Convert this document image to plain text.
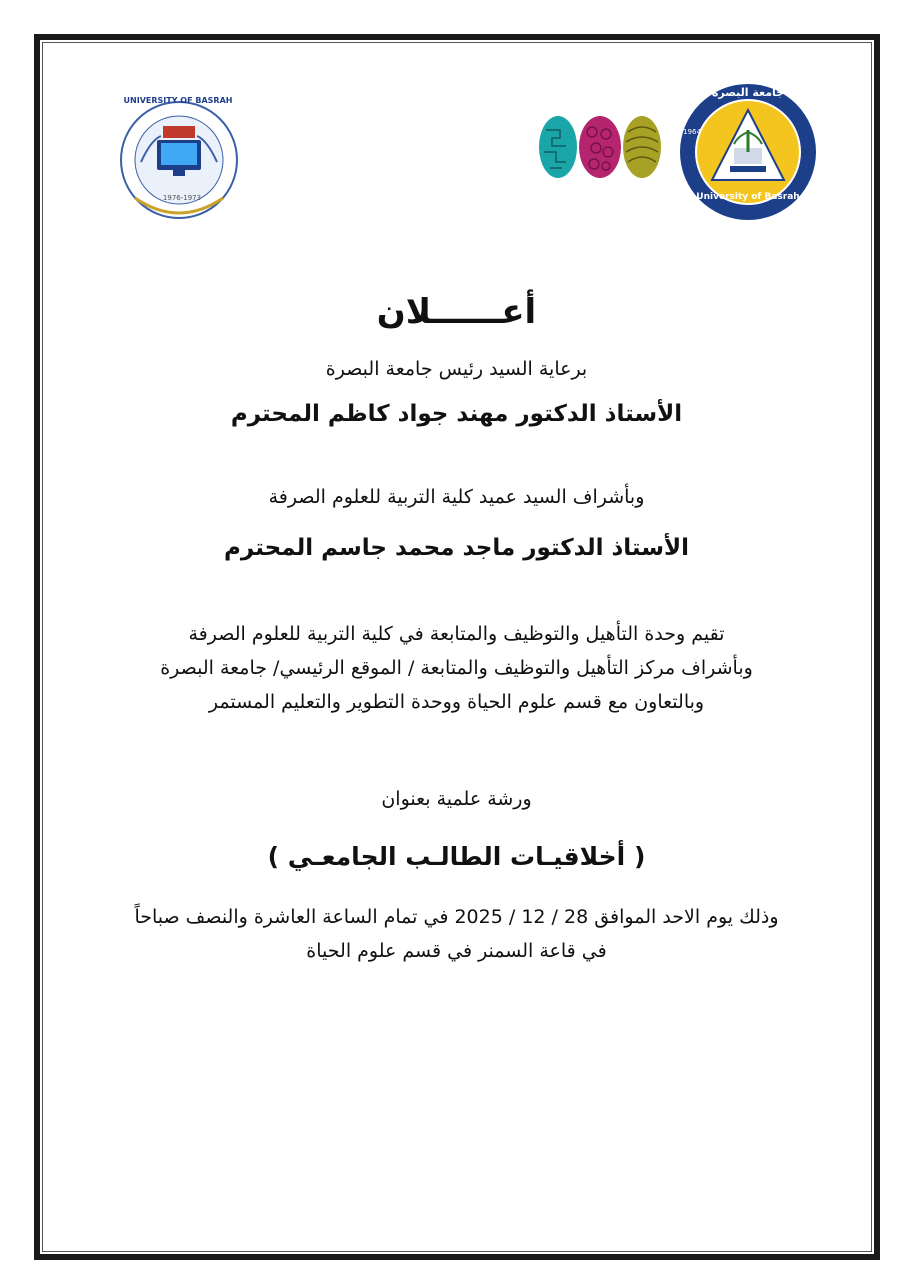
UNIVERSITY OF BASRAH
1976-1973
جامعة البصرة
University of Basrah
1964
أعــــــلان
برعاية السيد رئيس جامعة البصرة
الأستاذ الدكتور مهند جواد كاظم المحترم
وبأشراف السيد عميد كلية التربية للعلوم الصرفة
الأستاذ الدكتور ماجد محمد جاسم المحترم
تقيم وحدة التأهيل والتوظيف والمتابعة في كلية التربية للعلوم الصرفة
وبأشراف مركز التأهيل والتوظيف والمتابعة / الموقع الرئيسي/ جامعة البصرة
وبالتعاون مع قسم علوم الحياة ووحدة التطوير والتعليم المستمر
ورشة علمية بعنوان
( أخلاقيـات الطالـب الجامعـي )
وذلك يوم الاحد الموافق 28 / 12 / 2025 في تمام الساعة العاشرة والنصف صباحاً
في قاعة السمنر في قسم علوم الحياة
